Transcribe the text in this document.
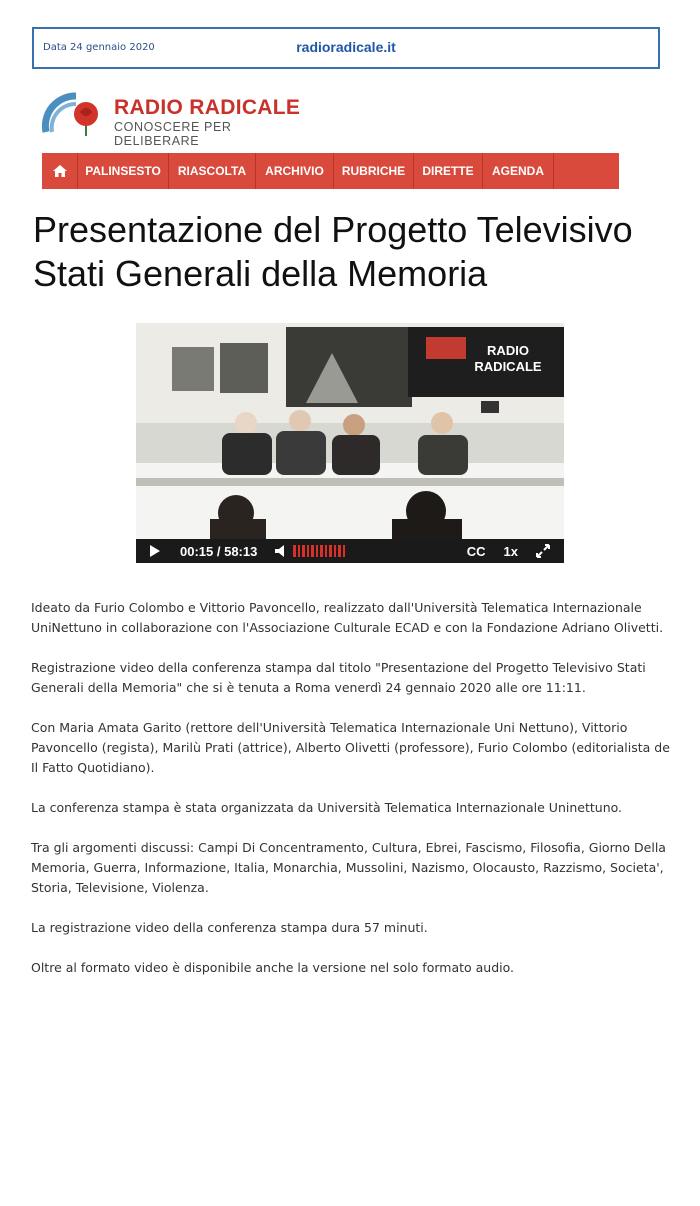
Data 24 gennaio 2020	radioradicale.it
RADIO RADICALE
CONOSCERE PER DELIBERARE
PALINSESTO	RIASCOLTA	ARCHIVIO	RUBRICHE	DIRETTE	AGENDA
Presentazione del Progetto Televisivo Stati Generali della Memoria
RADIO
RADICALE
00:15 / 58:13	CC 1x

Ideato da Furio Colombo e Vittorio Pavoncello, realizzato dall'Università Telematica Internazionale UniNettuno in collaborazione con l'Associazione Culturale ECAD e con la Fondazione Adriano Olivetti.

Registrazione video della conferenza stampa dal titolo "Presentazione del Progetto Televisivo Stati Generali della Memoria" che si è tenuta a Roma venerdì 24 gennaio 2020 alle ore 11:11.

Con Maria Amata Garito (rettore dell'Università Telematica Internazionale Uni Nettuno), Vittorio Pavoncello (regista), Marilù Prati (attrice), Alberto Olivetti (professore), Furio Colombo (editorialista de Il Fatto Quotidiano).

La conferenza stampa è stata organizzata da Università Telematica Internazionale Uninettuno.

Tra gli argomenti discussi: Campi Di Concentramento, Cultura, Ebrei, Fascismo, Filosofia, Giorno Della Memoria, Guerra, Informazione, Italia, Monarchia, Mussolini, Nazismo, Olocausto, Razzismo, Societa', Storia, Televisione, Violenza.

La registrazione video della conferenza stampa dura 57 minuti.

Oltre al formato video è disponibile anche la versione nel solo formato audio.
